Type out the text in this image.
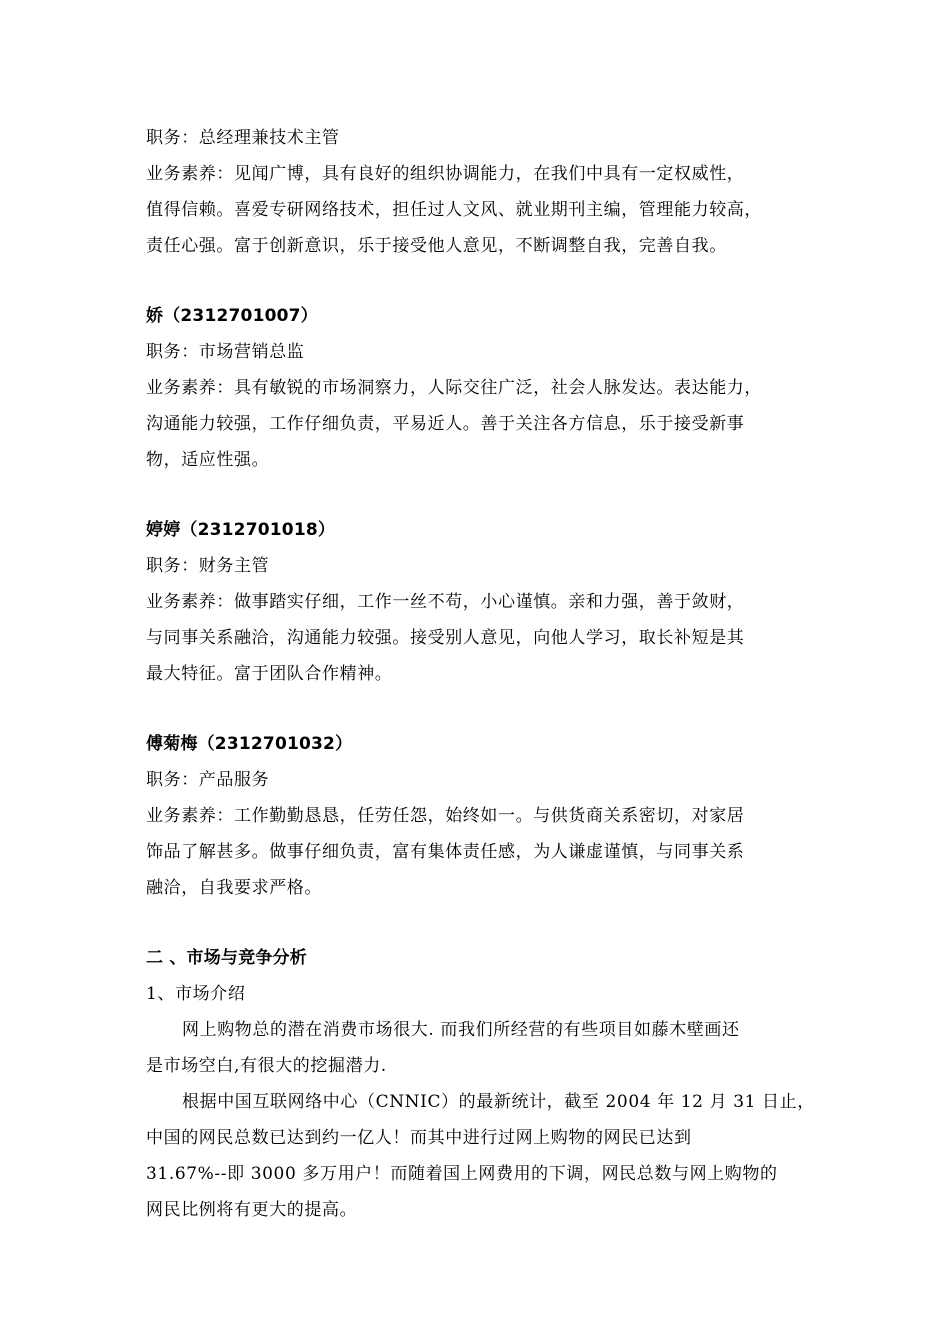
职务：总经理兼技术主管
业务素养：见闻广博，具有良好的组织协调能力，在我们中具有一定权威性，
值得信赖。喜爱专研网络技术，担任过人文风、就业期刊主编，管理能力较高，
责任心强。富于创新意识，乐于接受他人意见，不断调整自我，完善自我。
娇（2312701007）
职务：市场营销总监
业务素养：具有敏锐的市场洞察力，人际交往广泛，社会人脉发达。表达能力，
沟通能力较强，工作仔细负责，平易近人。善于关注各方信息，乐于接受新事
物，适应性强。
婷婷（2312701018）
职务：财务主管
业务素养：做事踏实仔细，工作一丝不苟，小心谨慎。亲和力强，善于敛财，
与同事关系融洽，沟通能力较强。接受别人意见，向他人学习，取长补短是其
最大特征。富于团队合作精神。
傅菊梅（2312701032）
职务：产品服务
业务素养：工作勤勤恳恳，任劳任怨，始终如一。与供货商关系密切，对家居
饰品了解甚多。做事仔细负责，富有集体责任感，为人谦虚谨慎，与同事关系
融洽，自我要求严格。
二 、市场与竞争分析
1、市场介绍
网上购物总的潜在消费市场很大. 而我们所经营的有些项目如藤木壁画还
是市场空白,有很大的挖掘潜力.
根据中国互联网络中心（CNNIC）的最新统计，截至 2004 年 12 月 31 日止，
中国的网民总数已达到约一亿人！而其中进行过网上购物的网民已达到
31.67%--即 3000 多万用户！而随着国上网费用的下调，网民总数与网上购物的
网民比例将有更大的提高。
